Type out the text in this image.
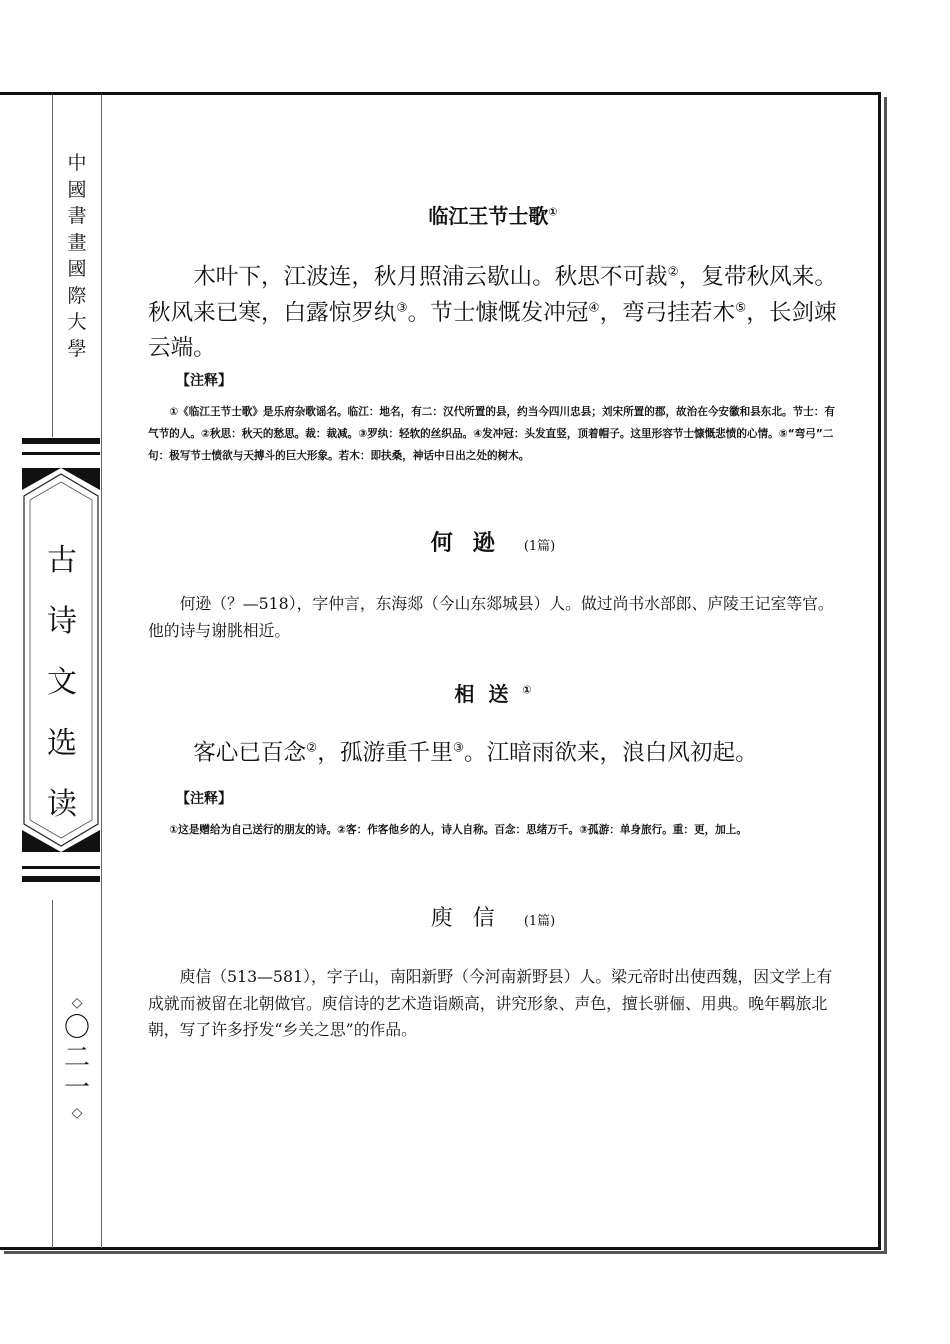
中國書畫國際大學
古诗文选读
◇
〇
二
一
◇
临江王节士歌①
木叶下，江波连，秋月照浦云歇山。秋思不可裁②，复带秋风来。秋风来已寒，白露惊罗纨③。节士慷慨发冲冠④，弯弓挂若木⑤，长剑竦云端。
【注释】
①《临江王节士歌》是乐府杂歌谣名。临江：地名，有二：汉代所置的县，约当今四川忠县；刘宋所置的郡，故治在今安徽和县东北。节士：有气节的人。②秋思：秋天的愁思。裁：裁减。③罗纨：轻软的丝织品。④发冲冠：头发直竖，顶着帽子。这里形容节士慷慨悲愤的心情。⑤“弯弓”二句：极写节士愤欲与天搏斗的巨大形象。若木：即扶桑，神话中日出之处的树木。
何逊 (1篇)
何逊（？—518），字仲言，东海郯（今山东郯城县）人。做过尚书水部郎、庐陵王记室等官。他的诗与谢朓相近。
相送①
客心已百念②，孤游重千里③。江暗雨欲来，浪白风初起。
【注释】
①这是赠给为自己送行的朋友的诗。②客：作客他乡的人，诗人自称。百念：思绪万千。③孤游：单身旅行。重：更，加上。
庾信 (1篇)
庾信（513—581），字子山，南阳新野（今河南新野县）人。梁元帝时出使西魏，因文学上有成就而被留在北朝做官。庾信诗的艺术造诣颇高，讲究形象、声色，擅长骈俪、用典。晚年羁旅北朝，写了许多抒发“乡关之思”的作品。
